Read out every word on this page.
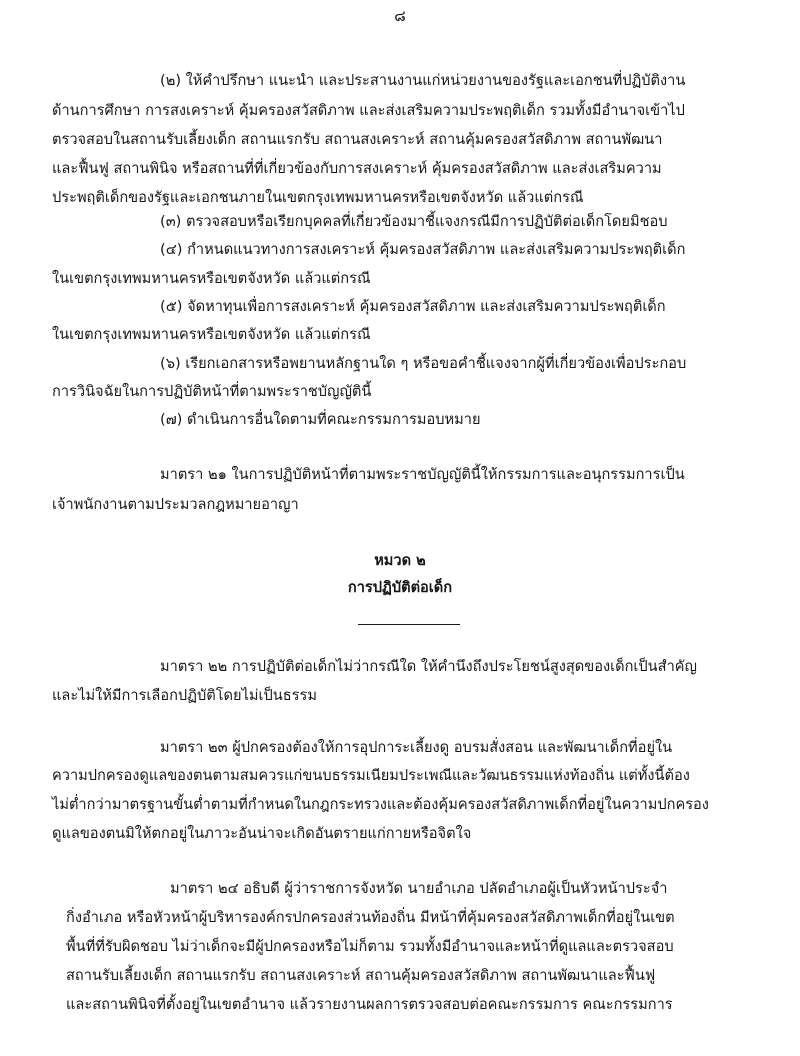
๘
(๒) ให้คำปรึกษา แนะนำ และประสานงานแก่หน่วยงานของรัฐและเอกชนที่ปฏิบัติงาน
ด้านการศึกษา การสงเคราะห์ คุ้มครองสวัสดิภาพ และส่งเสริมความประพฤติเด็ก รวมทั้งมีอำนาจเข้าไป
ตรวจสอบในสถานรับเลี้ยงเด็ก สถานแรกรับ สถานสงเคราะห์ สถานคุ้มครองสวัสดิภาพ สถานพัฒนา
และฟื้นฟู สถานพินิจ หรือสถานที่ที่เกี่ยวข้องกับการสงเคราะห์ คุ้มครองสวัสดิภาพ และส่งเสริมความ
ประพฤติเด็กของรัฐและเอกชนภายในเขตกรุงเทพมหานครหรือเขตจังหวัด แล้วแต่กรณี
(๓) ตรวจสอบหรือเรียกบุคคลที่เกี่ยวข้องมาชี้แจงกรณีมีการปฏิบัติต่อเด็กโดยมิชอบ
(๔) กำหนดแนวทางการสงเคราะห์ คุ้มครองสวัสดิภาพ และส่งเสริมความประพฤติเด็ก
ในเขตกรุงเทพมหานครหรือเขตจังหวัด แล้วแต่กรณี
(๕) จัดหาทุนเพื่อการสงเคราะห์ คุ้มครองสวัสดิภาพ และส่งเสริมความประพฤติเด็ก
ในเขตกรุงเทพมหานครหรือเขตจังหวัด แล้วแต่กรณี
(๖) เรียกเอกสารหรือพยานหลักฐานใด ๆ หรือขอคำชี้แจงจากผู้ที่เกี่ยวข้องเพื่อประกอบ
การวินิจฉัยในการปฏิบัติหน้าที่ตามพระราชบัญญัตินี้
(๗) ดำเนินการอื่นใดตามที่คณะกรรมการมอบหมาย
มาตรา ๒๑ ในการปฏิบัติหน้าที่ตามพระราชบัญญัตินี้ให้กรรมการและอนุกรรมการเป็น
เจ้าพนักงานตามประมวลกฎหมายอาญา
หมวด ๒
การปฏิบัติต่อเด็ก
มาตรา ๒๒ การปฏิบัติต่อเด็กไม่ว่ากรณีใด ให้คำนึงถึงประโยชน์สูงสุดของเด็กเป็นสำคัญ
และไม่ให้มีการเลือกปฏิบัติโดยไม่เป็นธรรม
มาตรา ๒๓ ผู้ปกครองต้องให้การอุปการะเลี้ยงดู อบรมสั่งสอน และพัฒนาเด็กที่อยู่ใน
ความปกครองดูแลของตนตามสมควรแก่ขนบธรรมเนียมประเพณีและวัฒนธรรมแห่งท้องถิ่น แต่ทั้งนี้ต้อง
ไม่ต่ำกว่ามาตรฐานขั้นต่ำตามที่กำหนดในกฎกระทรวงและต้องคุ้มครองสวัสดิภาพเด็กที่อยู่ในความปกครอง
ดูแลของตนมิให้ตกอยู่ในภาวะอันน่าจะเกิดอันตรายแก่กายหรือจิตใจ
มาตรา ๒๔ อธิบดี ผู้ว่าราชการจังหวัด นายอำเภอ ปลัดอำเภอผู้เป็นหัวหน้าประจำ
กิ่งอำเภอ หรือหัวหน้าผู้บริหารองค์กรปกครองส่วนท้องถิ่น มีหน้าที่คุ้มครองสวัสดิภาพเด็กที่อยู่ในเขต
พื้นที่ที่รับผิดชอบ ไม่ว่าเด็กจะมีผู้ปกครองหรือไม่ก็ตาม รวมทั้งมีอำนาจและหน้าที่ดูแลและตรวจสอบ
สถานรับเลี้ยงเด็ก สถานแรกรับ สถานสงเคราะห์ สถานคุ้มครองสวัสดิภาพ สถานพัฒนาและฟื้นฟู
และสถานพินิจที่ตั้งอยู่ในเขตอำนาจ แล้วรายงานผลการตรวจสอบต่อคณะกรรมการ คณะกรรมการ
